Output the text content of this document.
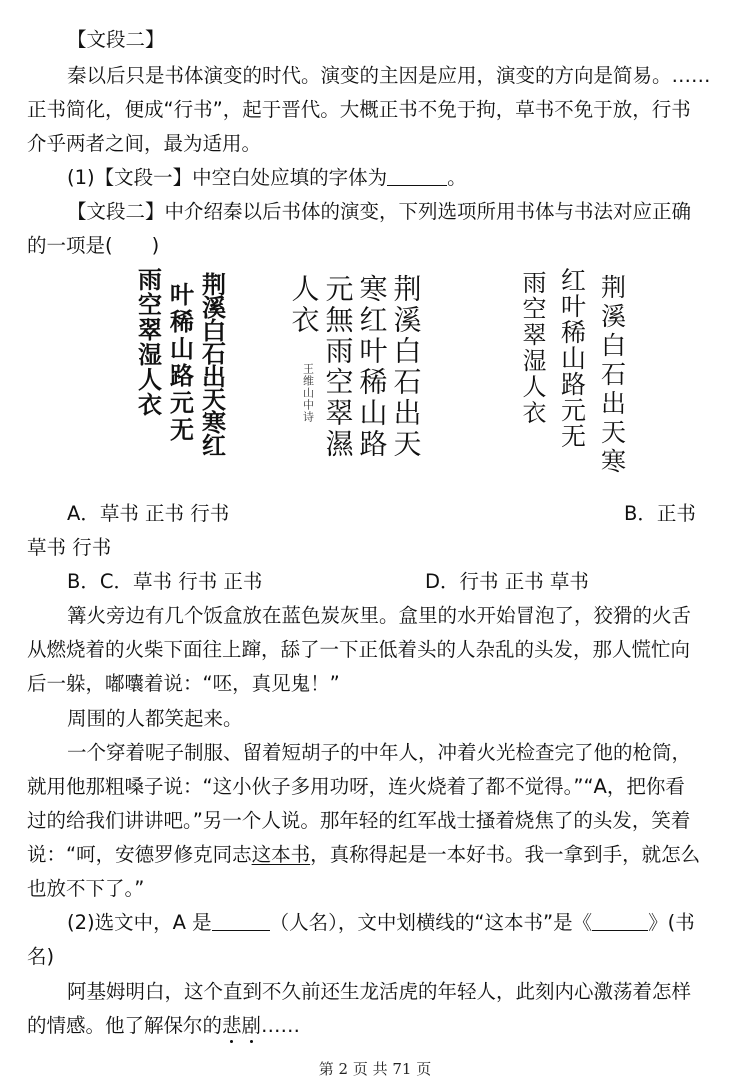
【文段二】
秦以后只是书体演变的时代。演变的主因是应用，演变的方向是简易。……
正书简化，便成“行书”，起于晋代。大概正书不免于拘，草书不免于放，行书
介乎两者之间，最为适用。
(1)【文段一】中空白处应填的字体为	。
【文段二】中介绍秦以后书体的演变，下列选项所用书体与书法对应正确
的一项是(　　)
荆溪白石出天寒红
叶稀山路元无
雨空翠湿人衣	荆溪白石出天
寒红叶稀山路
元無雨空翠濕
人衣
王维山中诗	荆溪白石出天寒
红叶稀山路元无
雨空翠湿人衣
A．草书 正书 行书	B．正书
草书 行书
B．C．草书 行书 正书	D．行书 正书 草书
篝火旁边有几个饭盒放在蓝色炭灰里。盒里的水开始冒泡了，狡猾的火舌
从燃烧着的火柴下面往上蹿，舔了一下正低着头的人杂乱的头发，那人慌忙向
后一躲，嘟囔着说：“呸，真见鬼！”
周围的人都笑起来。
一个穿着呢子制服、留着短胡子的中年人，冲着火光检查完了他的枪筒，
就用他那粗嗓子说：“这小伙子多用功呀，连火烧着了都不觉得。”“A，把你看
过的给我们讲讲吧。”另一个人说。那年轻的红军战士搔着烧焦了的头发，笑着
说：“呵，安德罗修克同志这本书，真称得起是一本好书。我一拿到手，就怎么
也放不下了。”
(2)选文中，A 是	（人名），文中划横线的“这本书”是《	》(书
名)
阿基姆明白，这个直到不久前还生龙活虎的年轻人，此刻内心激荡着怎样
的情感。他了解保尔的悲剧……
第 2 页 共 71 页
